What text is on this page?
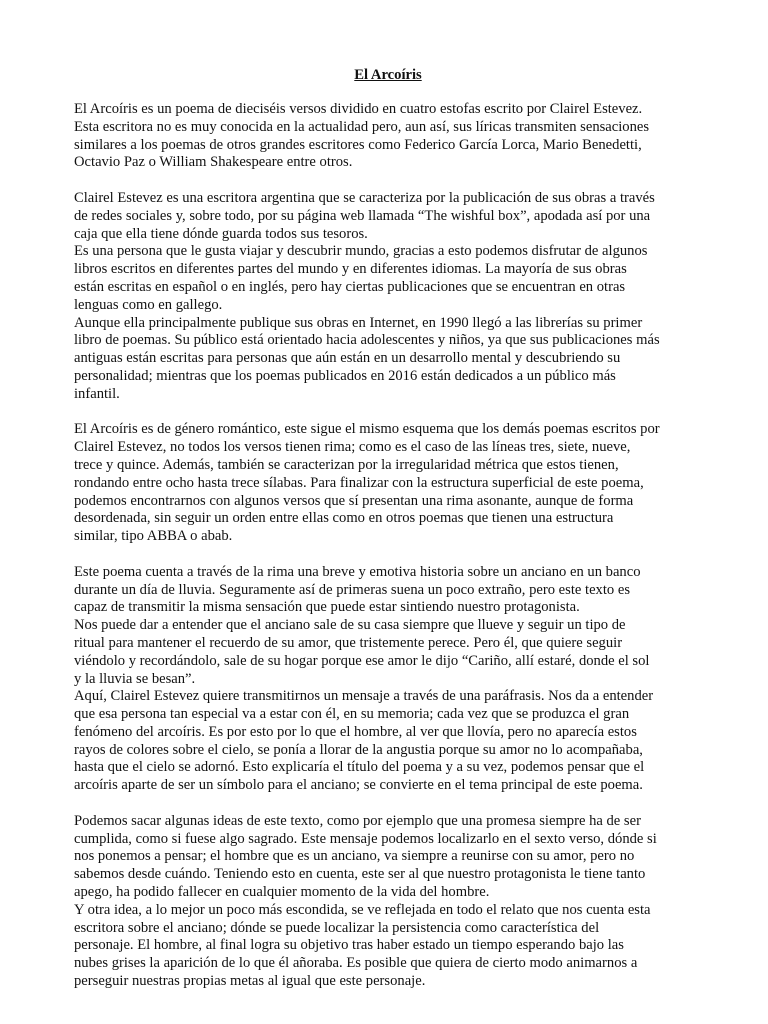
El Arcoíris

El Arcoíris es un poema de dieciséis versos dividido en cuatro estofas escrito por Clairel Estevez.
Esta escritora no es muy conocida en la actualidad pero, aun así, sus líricas transmiten sensaciones
similares a los poemas de otros grandes escritores como Federico García Lorca, Mario Benedetti,
Octavio Paz o William Shakespeare entre otros.

Clairel Estevez es una escritora argentina que se caracteriza por la publicación de sus obras a través
de redes sociales y, sobre todo, por su página web llamada “The wishful box”, apodada así por una
caja que ella tiene dónde guarda todos sus tesoros.

Es una persona que le gusta viajar y descubrir mundo, gracias a esto podemos disfrutar de algunos
libros escritos en diferentes partes del mundo y en diferentes idiomas. La mayoría de sus obras
están escritas en español o en inglés, pero hay ciertas publicaciones que se encuentran en otras
lenguas como en gallego.

Aunque ella principalmente publique sus obras en Internet, en 1990 llegó a las librerías su primer
libro de poemas. Su público está orientado hacia adolescentes y niños, ya que sus publicaciones más
antiguas están escritas para personas que aún están en un desarrollo mental y descubriendo su
personalidad; mientras que los poemas publicados en 2016 están dedicados a un público más
infantil.

El Arcoíris es de género romántico, este sigue el mismo esquema que los demás poemas escritos por
Clairel Estevez, no todos los versos tienen rima; como es el caso de las líneas tres, siete, nueve,
trece y quince. Además, también se caracterizan por la irregularidad métrica que estos tienen,
rondando entre ocho hasta trece sílabas. Para finalizar con la estructura superficial de este poema,
podemos encontrarnos con algunos versos que sí presentan una rima asonante, aunque de forma
desordenada, sin seguir un orden entre ellas como en otros poemas que tienen una estructura
similar, tipo ABBA o abab.

Este poema cuenta a través de la rima una breve y emotiva historia sobre un anciano en un banco
durante un día de lluvia. Seguramente así de primeras suena un poco extraño, pero este texto es
capaz de transmitir la misma sensación que puede estar sintiendo nuestro protagonista.

Nos puede dar a entender que el anciano sale de su casa siempre que llueve y seguir un tipo de
ritual para mantener el recuerdo de su amor, que tristemente perece. Pero él, que quiere seguir
viéndolo y recordándolo, sale de su hogar porque ese amor le dijo “Cariño, allí estaré, donde el sol
y la lluvia se besan”.

Aquí, Clairel Estevez quiere transmitirnos un mensaje a través de una paráfrasis. Nos da a entender
que esa persona tan especial va a estar con él, en su memoria; cada vez que se produzca el gran
fenómeno del arcoíris. Es por esto por lo que el hombre, al ver que llovía, pero no aparecía estos
rayos de colores sobre el cielo, se ponía a llorar de la angustia porque su amor no lo acompañaba,
hasta que el cielo se adornó. Esto explicaría el título del poema y a su vez, podemos pensar que el
arcoíris aparte de ser un símbolo para el anciano; se convierte en el tema principal de este poema.

Podemos sacar algunas ideas de este texto, como por ejemplo que una promesa siempre ha de ser
cumplida, como si fuese algo sagrado. Este mensaje podemos localizarlo en el sexto verso, dónde si
nos ponemos a pensar; el hombre que es un anciano, va siempre a reunirse con su amor, pero no
sabemos desde cuándo. Teniendo esto en cuenta, este ser al que nuestro protagonista le tiene tanto
apego, ha podido fallecer en cualquier momento de la vida del hombre.

Y otra idea, a lo mejor un poco más escondida, se ve reflejada en todo el relato que nos cuenta esta
escritora sobre el anciano; dónde se puede localizar la persistencia como característica del
personaje. El hombre, al final logra su objetivo tras haber estado un tiempo esperando bajo las
nubes grises la aparición de lo que él añoraba. Es posible que quiera de cierto modo animarnos a
perseguir nuestras propias metas al igual que este personaje.
